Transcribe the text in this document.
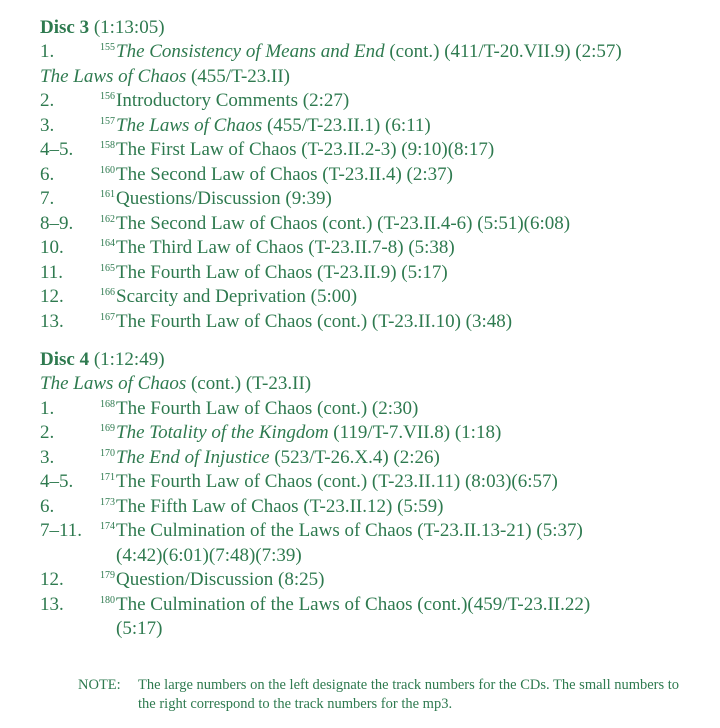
Disc 3 (1:13:05)
1.	$^{155}$The Consistency of Means and End (cont.) (411/T-20.VII.9) (2:57)
The Laws of Chaos (455/T-23.II)
2.	$^{156}$Introductory Comments (2:27)
3.	$^{157}$The Laws of Chaos (455/T-23.II.1) (6:11)
4–5.	$^{158}$The First Law of Chaos (T-23.II.2-3) (9:10)(8:17)
6.	$^{160}$The Second Law of Chaos (T-23.II.4) (2:37)
7.	$^{161}$Questions/Discussion (9:39)
8–9.	$^{162}$The Second Law of Chaos (cont.) (T-23.II.4-6) (5:51)(6:08)
10.	$^{164}$The Third Law of Chaos (T-23.II.7-8) (5:38)
11.	$^{165}$The Fourth Law of Chaos (T-23.II.9) (5:17)
12.	$^{166}$Scarcity and Deprivation (5:00)
13.	$^{167}$The Fourth Law of Chaos (cont.) (T-23.II.10) (3:48)
Disc 4 (1:12:49)
The Laws of Chaos (cont.) (T-23.II)
1.	$^{168}$The Fourth Law of Chaos (cont.) (2:30)
2.	$^{169}$The Totality of the Kingdom (119/T-7.VII.8) (1:18)
3.	$^{170}$The End of Injustice (523/T-26.X.4) (2:26)
4–5.	$^{171}$The Fourth Law of Chaos (cont.) (T-23.II.11) (8:03)(6:57)
6.	$^{173}$The Fifth Law of Chaos (T-23.II.12) (5:59)
7–11. $^{174}$The Culmination of the Laws of Chaos (T-23.II.13-21) (5:37)
(4:42)(6:01)(7:48)(7:39)
12.	$^{179}$Question/Discussion (8:25)
13.	$^{180}$The Culmination of the Laws of Chaos (cont.)(459/T-23.II.22)
(5:17)
NOTE: The large numbers on the left designate the track numbers for the CDs. The small numbers to the right correspond to the track numbers for the mp3.
